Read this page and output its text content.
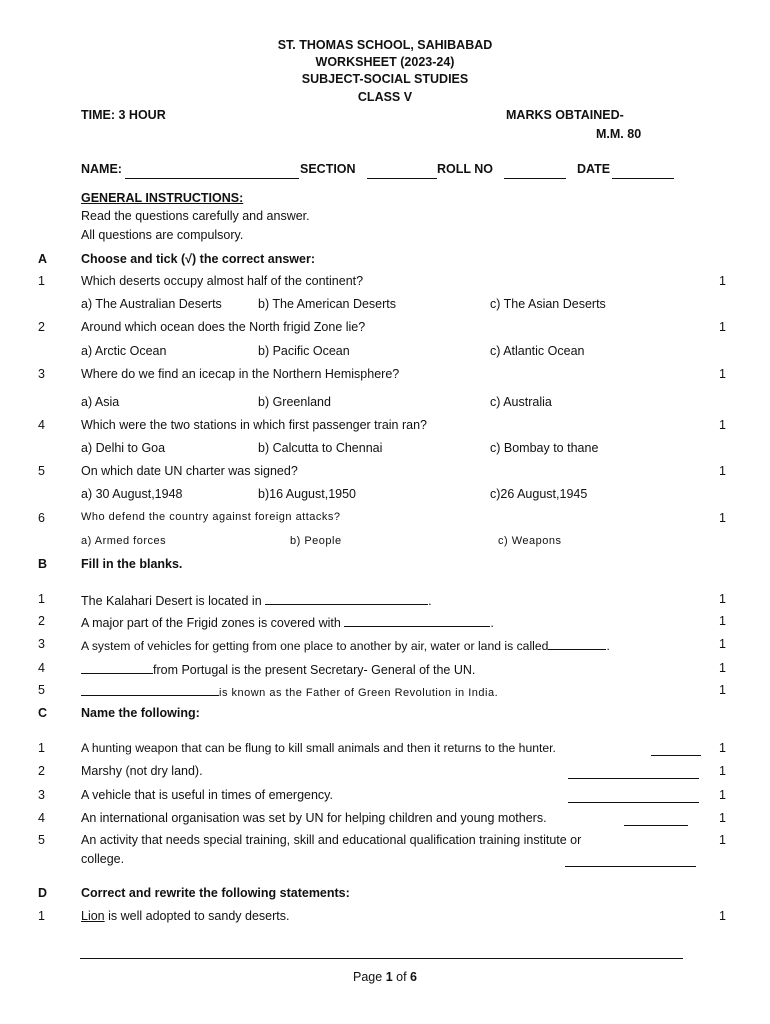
ST. THOMAS SCHOOL, SAHIBABAD
WORKSHEET (2023-24)
SUBJECT-SOCIAL STUDIES
CLASS V
TIME: 3 HOUR	MARKS OBTAINED-
M.M. 80
NAME:	SECTION	ROLL NO	DATE
GENERAL INSTRUCTIONS:
Read the questions carefully and answer.
All questions are compulsory.
A	Choose and tick (√) the correct answer:
1	Which deserts occupy almost half of the continent?	1
a) The Australian Deserts	b) The American Deserts	c) The Asian Deserts
2	Around which ocean does the North frigid Zone lie?	1
a) Arctic Ocean	b) Pacific Ocean	c) Atlantic Ocean
3	Where do we find an icecap in the Northern Hemisphere?	1
a) Asia	b) Greenland	c) Australia
4	Which were the two stations in which first passenger train ran?	1
a) Delhi to Goa	b) Calcutta to Chennai	c) Bombay to thane
5	On which date UN charter was signed?	1
a) 30 August,1948	b)16 August,1950	c)26 August,1945
6	Who defend the country against foreign attacks?	1
a) Armed forces	b) People	c) Weapons
B	Fill in the blanks.
1	The Kalahari Desert is located in	.	1
2	A major part of the Frigid zones is covered with	.	1
3	A system of vehicles for getting from one place to another by air, water or land is called	.	1
4	from Portugal is the present Secretary- General of the UN.	1
5	is known as the Father of Green Revolution in India.	1
C	Name the following:
1	A hunting weapon that can be flung to kill small animals and then it returns to the hunter.	1
2	Marshy (not dry land).	1
3	A vehicle that is useful in times of emergency.	1
4	An international organisation was set by UN for helping children and young mothers.	1
5	An activity that needs special training, skill and educational qualification training institute or
college.
1
D	Correct and rewrite the following statements:
1	Lion is well adopted to sandy deserts.	1
Page 1 of 6
